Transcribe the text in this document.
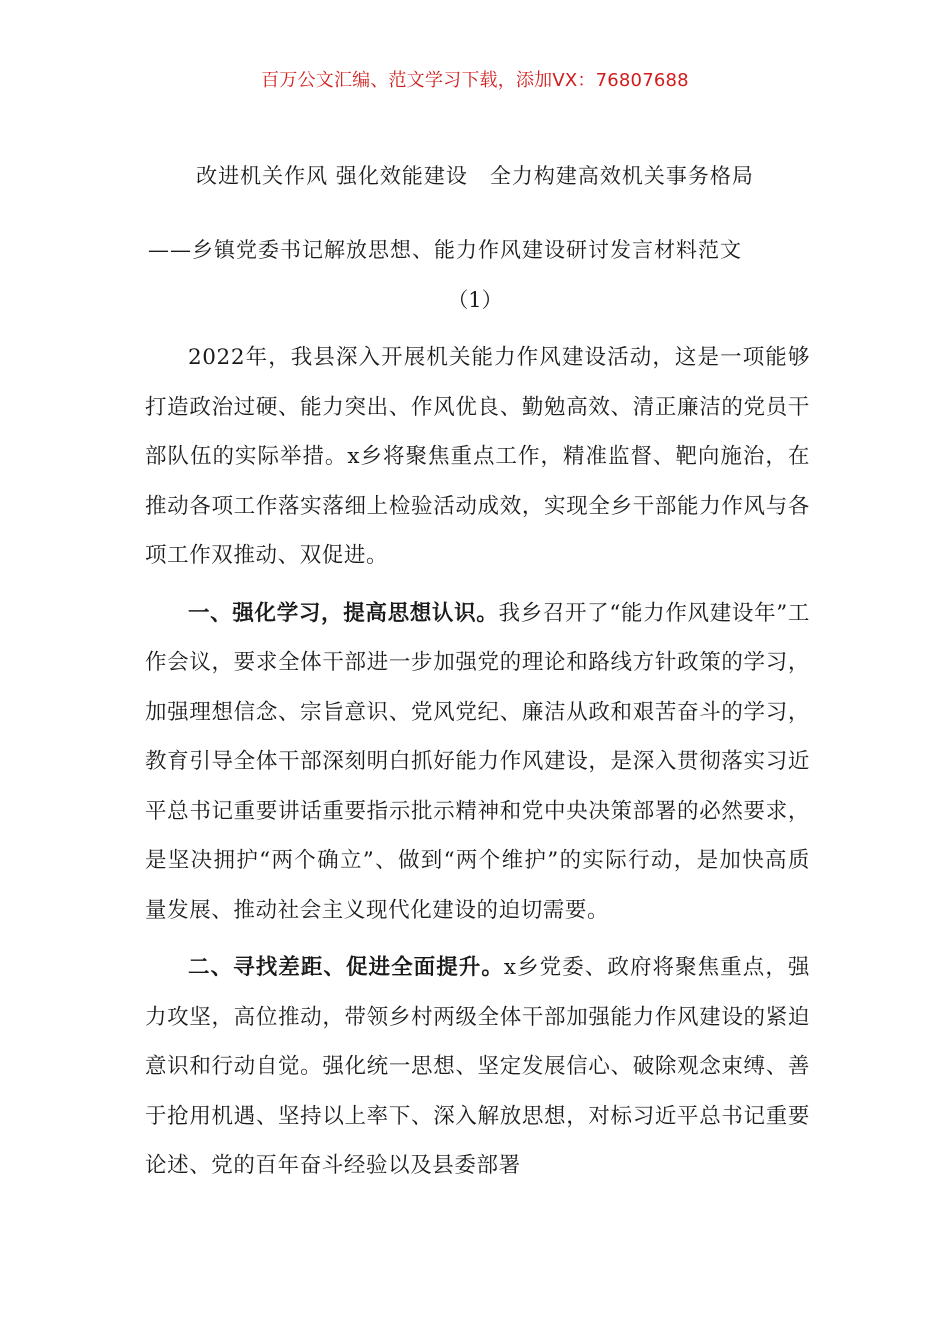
百万公文汇编、范文学习下载，添加VX：76807688
改进机关作风 强化效能建设　全力构建高效机关事务格局
——乡镇党委书记解放思想、能力作风建设研讨发言材料范文
（1）

2022年，我县深入开展机关能力作风建设活动，这是一项能够打造政治过硬、能力突出、作风优良、勤勉高效、清正廉洁的党员干部队伍的实际举措。x乡将聚焦重点工作，精准监督、靶向施治，在推动各项工作落实落细上检验活动成效，实现全乡干部能力作风与各项工作双推动、双促进。

一、强化学习，提高思想认识。我乡召开了“能力作风建设年”工作会议，要求全体干部进一步加强党的理论和路线方针政策的学习，加强理想信念、宗旨意识、党风党纪、廉洁从政和艰苦奋斗的学习，教育引导全体干部深刻明白抓好能力作风建设，是深入贯彻落实习近平总书记重要讲话重要指示批示精神和党中央决策部署的必然要求，是坚决拥护“两个确立”、做到“两个维护”的实际行动，是加快高质量发展、推动社会主义现代化建设的迫切需要。

二、寻找差距、促进全面提升。x乡党委、政府将聚焦重点，强力攻坚，高位推动，带领乡村两级全体干部加强能力作风建设的紧迫意识和行动自觉。强化统一思想、坚定发展信心、破除观念束缚、善于抢用机遇、坚持以上率下、深入解放思想，对标习近平总书记重要论述、党的百年奋斗经验以及县委部署
